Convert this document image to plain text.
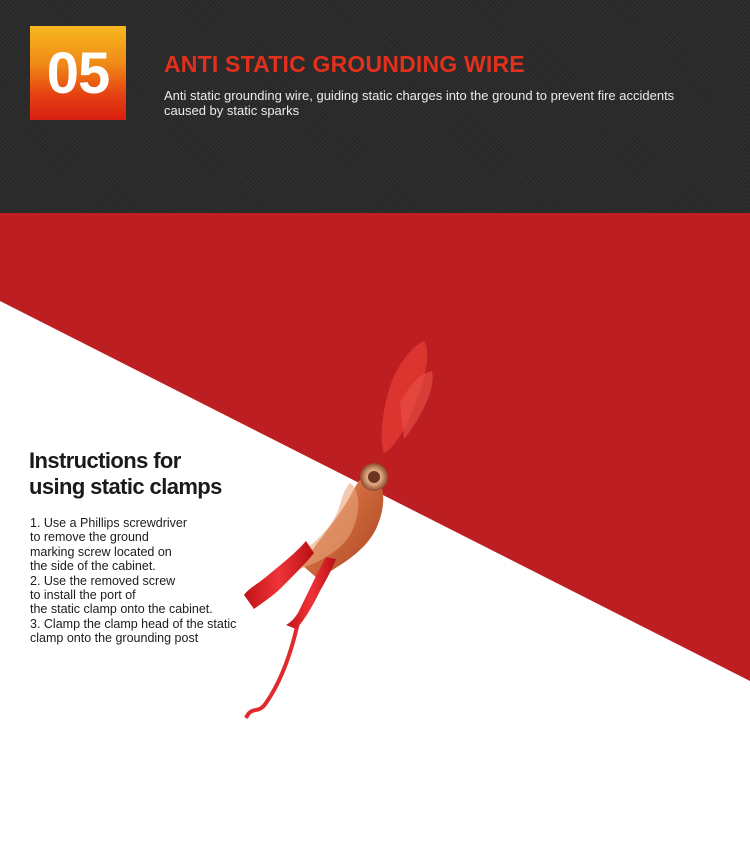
05 ANTI STATIC GROUNDING WIRE

Anti static grounding wire, guiding static charges into the ground to prevent fire accidents caused by static sparks

Instructions for
using static clamps

1. Use a Phillips screwdriver
to remove the ground
marking screw located on
the side of the cabinet.
2. Use the removed screw
to install the port of
the static clamp onto the cabinet.
3. Clamp the clamp head of the static
clamp onto the grounding post
